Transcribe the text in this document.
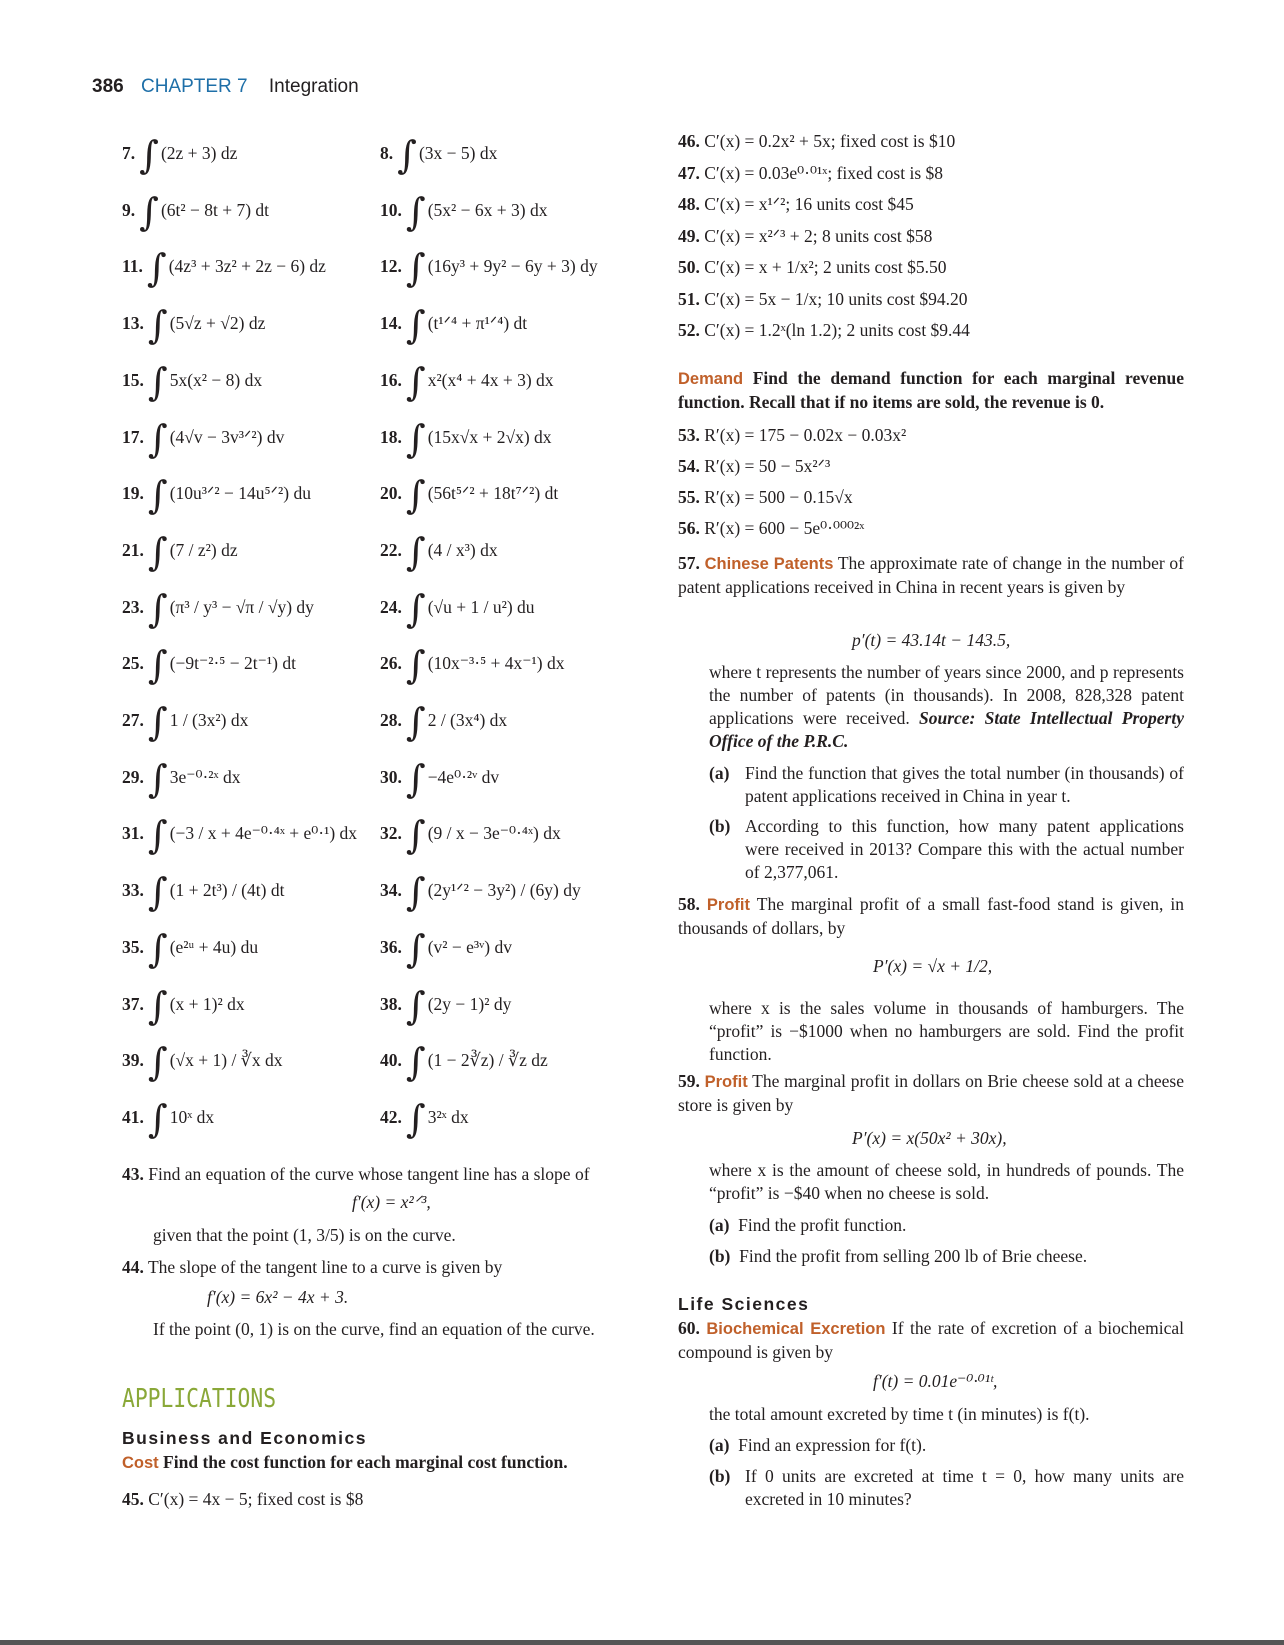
386 CHAPTER 7 Integration
7. ∫ (2z + 3) dz	8. ∫ (3x − 5) dx
9. ∫ (6t² − 8t + 7) dt	10. ∫ (5x² − 6x + 3) dx
11. ∫ (4z³ + 3z² + 2z − 6) dz	12. ∫ (16y³ + 9y² − 6y + 3) dy
13. ∫ (5√z + √2) dz	14. ∫ (t¹ᐟ⁴ + π¹ᐟ⁴) dt
15. ∫ 5x(x² − 8) dx	16. ∫ x²(x⁴ + 4x + 3) dx
17. ∫ (4√v − 3v³ᐟ²) dv	18. ∫ (15x√x + 2√x) dx
19. ∫ (10u³ᐟ² − 14u⁵ᐟ²) du	20. ∫ (56t⁵ᐟ² + 18t⁷ᐟ²) dt
21. ∫ (7 / z²) dz	22. ∫ (4 / x³) dx
23. ∫ (π³ / y³ − √π / √y) dy	24. ∫ (√u + 1 / u²) du
25. ∫ (−9t⁻²·⁵ − 2t⁻¹) dt	26. ∫ (10x⁻³·⁵ + 4x⁻¹) dx
27. ∫ 1 / (3x²) dx	28. ∫ 2 / (3x⁴) dx
29. ∫ 3e⁻⁰·²ˣ dx	30. ∫ −4e⁰·²ᵛ dv
31. ∫ (−3 / x + 4e⁻⁰·⁴ˣ + e⁰·¹) dx 32. ∫ (9 / x − 3e⁻⁰·⁴ˣ) dx
33. ∫ (1 + 2t³) / (4t) dt	34. ∫ (2y¹ᐟ² − 3y²) / (6y) dy
35. ∫ (e²ᵘ + 4u) du	36. ∫ (v² − e³ᵛ) dv
37. ∫ (x + 1)² dx	38. ∫ (2y − 1)² dy
39. ∫ (√x + 1) / ∛x dx	40. ∫ (1 − 2∛z) / ∛z dz
41. ∫ 10ˣ dx	42. ∫ 3²ˣ dx
43. Find an equation of the curve whose tangent line has a slope of
f′(x) = x²ᐟ³,
given that the point (1, 3/5) is on the curve.
44. The slope of the tangent line to a curve is given by
f′(x) = 6x² − 4x + 3.
If the point (0, 1) is on the curve, find an equation of the curve.
APPLICATIONS
Business and Economics
Cost Find the cost function for each marginal cost function.
45. C′(x) = 4x − 5; fixed cost is $8
46. C′(x) = 0.2x² + 5x; fixed cost is $10
47. C′(x) = 0.03e⁰·⁰¹ˣ; fixed cost is $8
48. C′(x) = x¹ᐟ²; 16 units cost $45
49. C′(x) = x²ᐟ³ + 2; 8 units cost $58
50. C′(x) = x + 1/x²; 2 units cost $5.50
51. C′(x) = 5x − 1/x; 10 units cost $94.20
52. C′(x) = 1.2ˣ(ln 1.2); 2 units cost $9.44
Demand Find the demand function for each marginal revenue function. Recall that if no items are sold, the revenue is 0.
53. R′(x) = 175 − 0.02x − 0.03x²
54. R′(x) = 50 − 5x²ᐟ³
55. R′(x) = 500 − 0.15√x
56. R′(x) = 600 − 5e⁰·⁰⁰⁰²ˣ
57. Chinese Patents The approximate rate of change in the number of patent applications received in China in recent years is given by
p′(t) = 43.14t − 143.5,
where t represents the number of years since 2000, and p represents the number of patents (in thousands). In 2008, 828,328 patent applications were received. Source: State Intellectual Property Office of the P.R.C.
(a) Find the function that gives the total number (in thousands) of patent applications received in China in year t.
(b) According to this function, how many patent applications were received in 2013? Compare this with the actual number of 2,377,061.
58. Profit The marginal profit of a small fast-food stand is given, in thousands of dollars, by
P′(x) = √x + 1/2,
where x is the sales volume in thousands of hamburgers. The “profit” is −$1000 when no hamburgers are sold. Find the profit function.
59. Profit The marginal profit in dollars on Brie cheese sold at a cheese store is given by
P′(x) = x(50x² + 30x),
where x is the amount of cheese sold, in hundreds of pounds. The “profit” is −$40 when no cheese is sold.
(a) Find the profit function.
(b) Find the profit from selling 200 lb of Brie cheese.
Life Sciences
60. Biochemical Excretion If the rate of excretion of a biochemical compound is given by
f′(t) = 0.01e⁻⁰·⁰¹ᵗ,
the total amount excreted by time t (in minutes) is f(t).
(a) Find an expression for f(t).
(b) If 0 units are excreted at time t = 0, how many units are excreted in 10 minutes?
